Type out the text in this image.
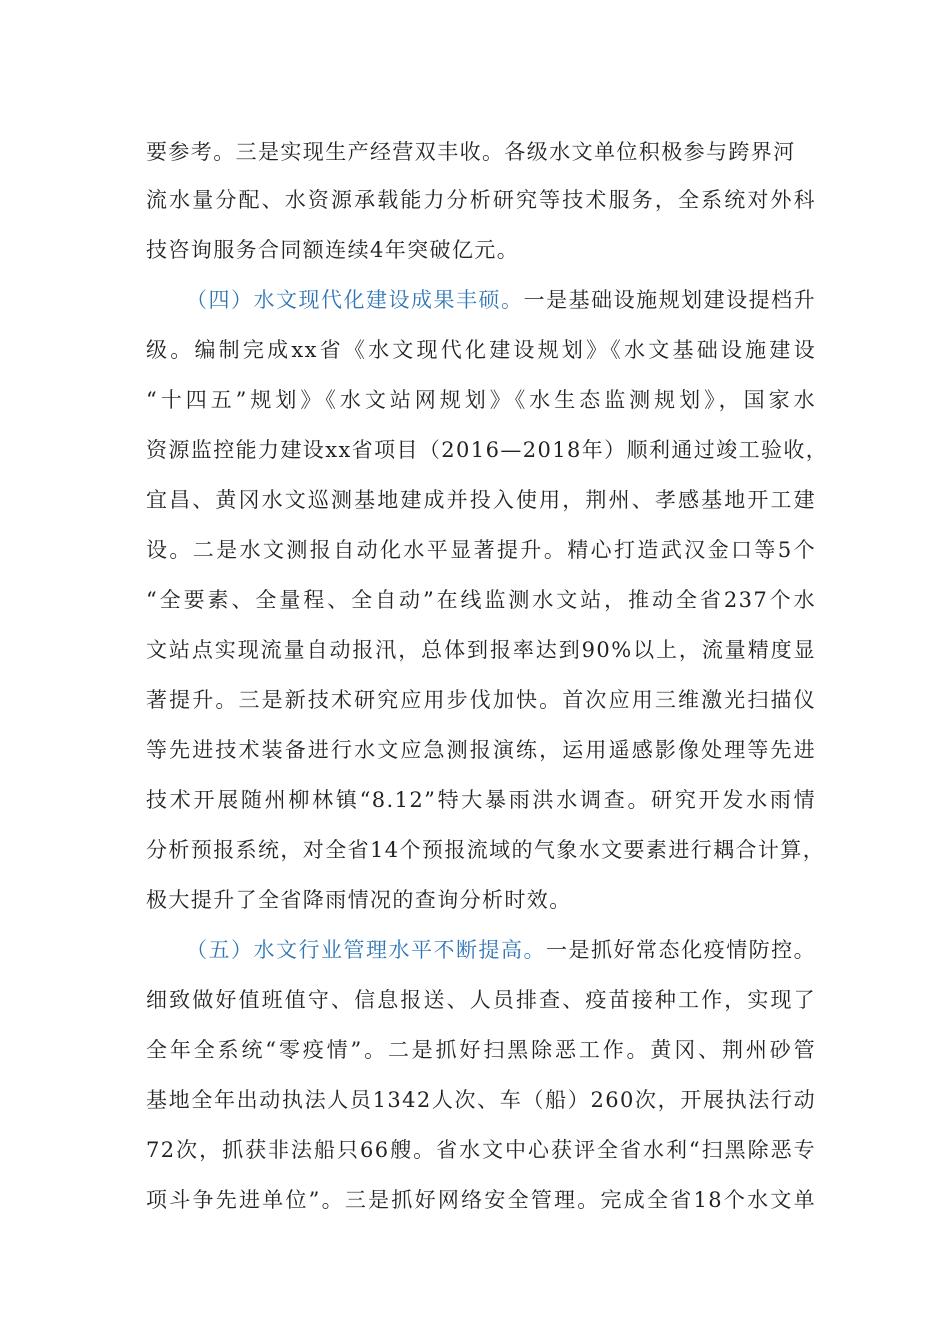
要参考。三是实现生产经营双丰收。各级水文单位积极参与跨界河
流水量分配、水资源承载能力分析研究等技术服务，全系统对外科
技咨询服务合同额连续4年突破亿元。
（四）水文现代化建设成果丰硕。一是基础设施规划建设提档升
级。编制完成xx省《水文现代化建设规划》《水文基础设施建设
“十四五”规划》《水文站网规划》《水生态监测规划》，国家水
资源监控能力建设xx省项目（2016—2018年）顺利通过竣工验收，
宜昌、黄冈水文巡测基地建成并投入使用，荆州、孝感基地开工建
设。二是水文测报自动化水平显著提升。精心打造武汉金口等5个
“全要素、全量程、全自动”在线监测水文站，推动全省237个水
文站点实现流量自动报汛，总体到报率达到90%以上，流量精度显
著提升。三是新技术研究应用步伐加快。首次应用三维激光扫描仪
等先进技术装备进行水文应急测报演练，运用遥感影像处理等先进
技术开展随州柳林镇“8.12”特大暴雨洪水调查。研究开发水雨情
分析预报系统，对全省14个预报流域的气象水文要素进行耦合计算，
极大提升了全省降雨情况的查询分析时效。
（五）水文行业管理水平不断提高。一是抓好常态化疫情防控。
细致做好值班值守、信息报送、人员排查、疫苗接种工作，实现了
全年全系统“零疫情”。二是抓好扫黑除恶工作。黄冈、荆州砂管
基地全年出动执法人员1342人次、车（船）260次，开展执法行动
72次，抓获非法船只66艘。省水文中心获评全省水利“扫黑除恶专
项斗争先进单位”。三是抓好网络安全管理。完成全省18个水文单
